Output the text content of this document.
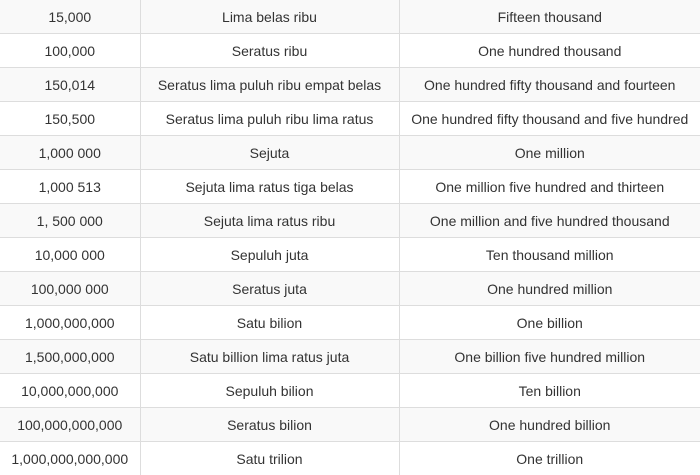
15,000	Lima belas ribu	Fifteen thousand
100,000	Seratus ribu	One hundred thousand
150,014	Seratus lima puluh ribu empat belas	One hundred fifty thousand and fourteen
150,500	Seratus lima puluh ribu lima ratus	One hundred fifty thousand and five hundred
1,000 000	Sejuta	One million
1,000 513	Sejuta lima ratus tiga belas	One million five hundred and thirteen
1, 500 000	Sejuta lima ratus ribu	One million and five hundred thousand
10,000 000	Sepuluh juta	Ten thousand million
100,000 000	Seratus juta	One hundred million
1,000,000,000	Satu bilion	One billion
1,500,000,000	Satu billion lima ratus juta	One billion five hundred million
10,000,000,000	Sepuluh bilion	Ten billion
100,000,000,000	Seratus bilion	One hundred billion
1,000,000,000,000	Satu trilion	One trillion
